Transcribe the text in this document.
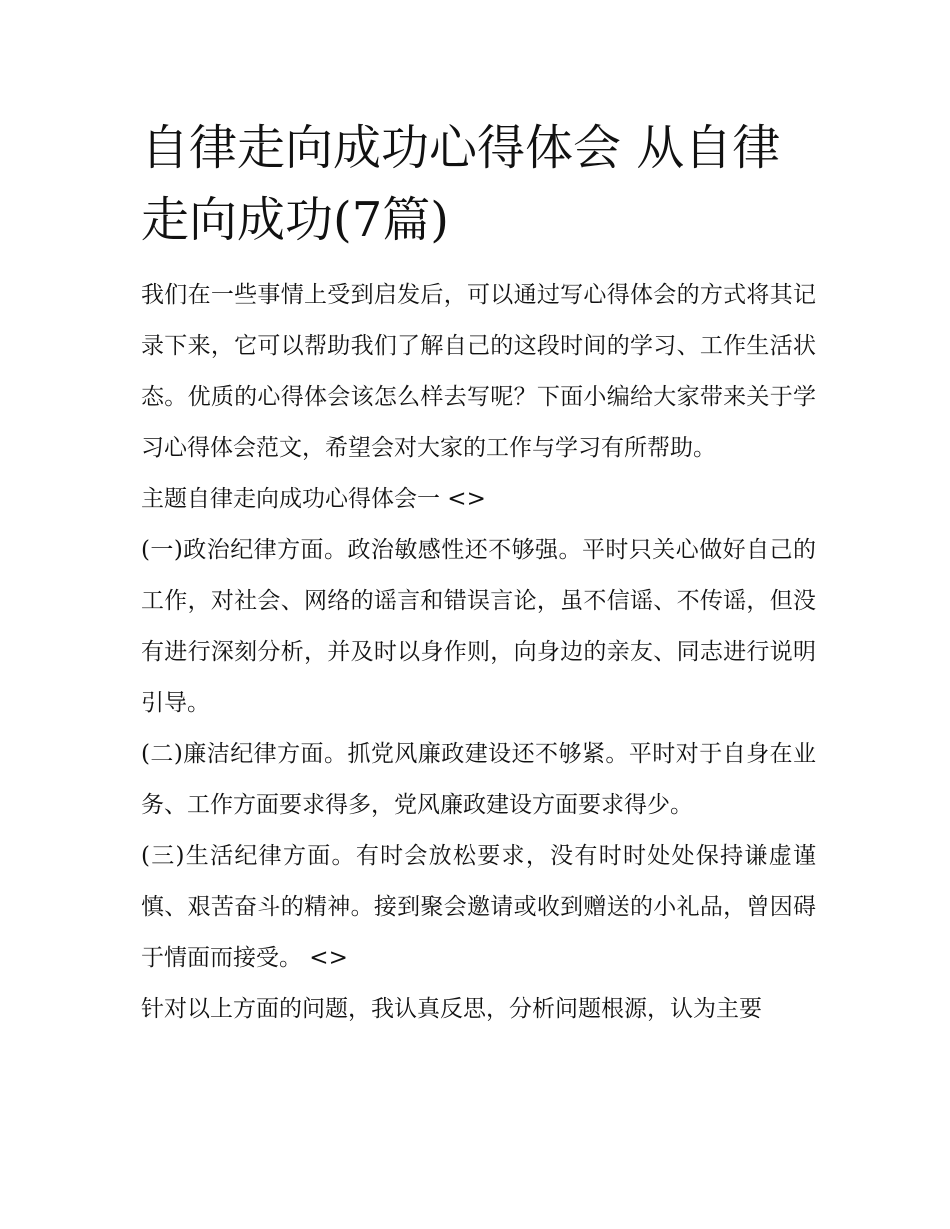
自律走向成功心得体会 从自律走向成功(7篇)

我们在一些事情上受到启发后，可以通过写心得体会的方式将其记录下来，它可以帮助我们了解自己的这段时间的学习、工作生活状态。优质的心得体会该怎么样去写呢？下面小编给大家带来关于学习心得体会范文，希望会对大家的工作与学习有所帮助。

主题自律走向成功心得体会一 <>

(一)政治纪律方面。政治敏感性还不够强。平时只关心做好自己的工作，对社会、网络的谣言和错误言论，虽不信谣、不传谣，但没有进行深刻分析，并及时以身作则，向身边的亲友、同志进行说明引导。

(二)廉洁纪律方面。抓党风廉政建设还不够紧。平时对于自身在业务、工作方面要求得多，党风廉政建设方面要求得少。

(三)生活纪律方面。有时会放松要求，没有时时处处保持谦虚谨慎、艰苦奋斗的精神。接到聚会邀请或收到赠送的小礼品，曾因碍于情面而接受。 <>

针对以上方面的问题，我认真反思，分析问题根源，认为主要
